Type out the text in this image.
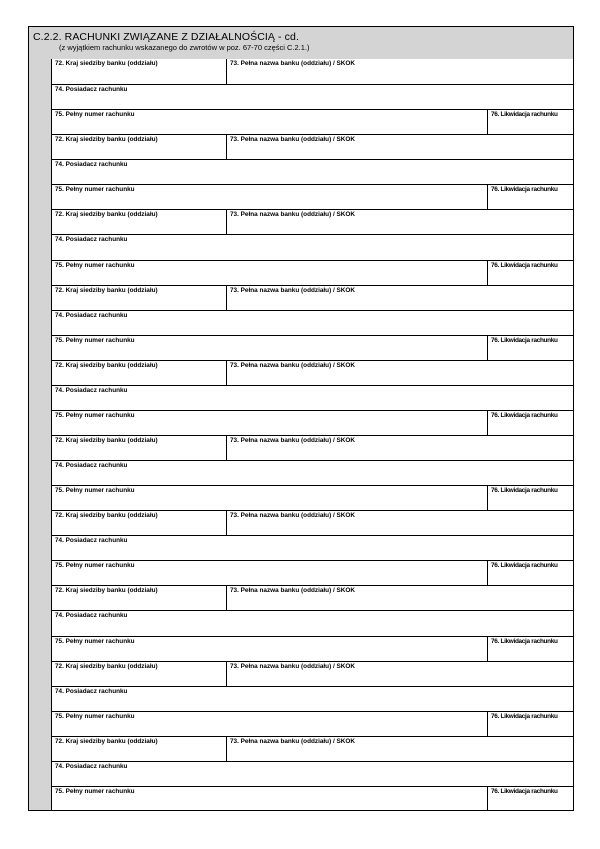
C.2.2. RACHUNKI ZWIĄZANE Z DZIAŁALNOŚCIĄ - cd.
(z wyjątkiem rachunku wskazanego do zwrotów w poz. 67-70 części C.2.1.)
72. Kraj siedziby banku (oddziału)	73. Pełna nazwa banku (oddziału) / SKOK
74. Posiadacz rachunku
75. Pełny numer rachunku	76. Likwidacja rachunku
72. Kraj siedziby banku (oddziału)	73. Pełna nazwa banku (oddziału) / SKOK
74. Posiadacz rachunku
75. Pełny numer rachunku	76. Likwidacja rachunku
72. Kraj siedziby banku (oddziału)	73. Pełna nazwa banku (oddziału) / SKOK
74. Posiadacz rachunku
75. Pełny numer rachunku	76. Likwidacja rachunku
72. Kraj siedziby banku (oddziału)	73. Pełna nazwa banku (oddziału) / SKOK
74. Posiadacz rachunku
75. Pełny numer rachunku	76. Likwidacja rachunku
72. Kraj siedziby banku (oddziału)	73. Pełna nazwa banku (oddziału) / SKOK
74. Posiadacz rachunku
75. Pełny numer rachunku	76. Likwidacja rachunku
72. Kraj siedziby banku (oddziału)	73. Pełna nazwa banku (oddziału) / SKOK
74. Posiadacz rachunku
75. Pełny numer rachunku	76. Likwidacja rachunku
72. Kraj siedziby banku (oddziału)	73. Pełna nazwa banku (oddziału) / SKOK
74. Posiadacz rachunku
75. Pełny numer rachunku	76. Likwidacja rachunku
72. Kraj siedziby banku (oddziału)	73. Pełna nazwa banku (oddziału) / SKOK
74. Posiadacz rachunku
75. Pełny numer rachunku	76. Likwidacja rachunku
72. Kraj siedziby banku (oddziału)	73. Pełna nazwa banku (oddziału) / SKOK
74. Posiadacz rachunku
75. Pełny numer rachunku	76. Likwidacja rachunku
72. Kraj siedziby banku (oddziału)	73. Pełna nazwa banku (oddziału) / SKOK
74. Posiadacz rachunku
75. Pełny numer rachunku	76. Likwidacja rachunku
